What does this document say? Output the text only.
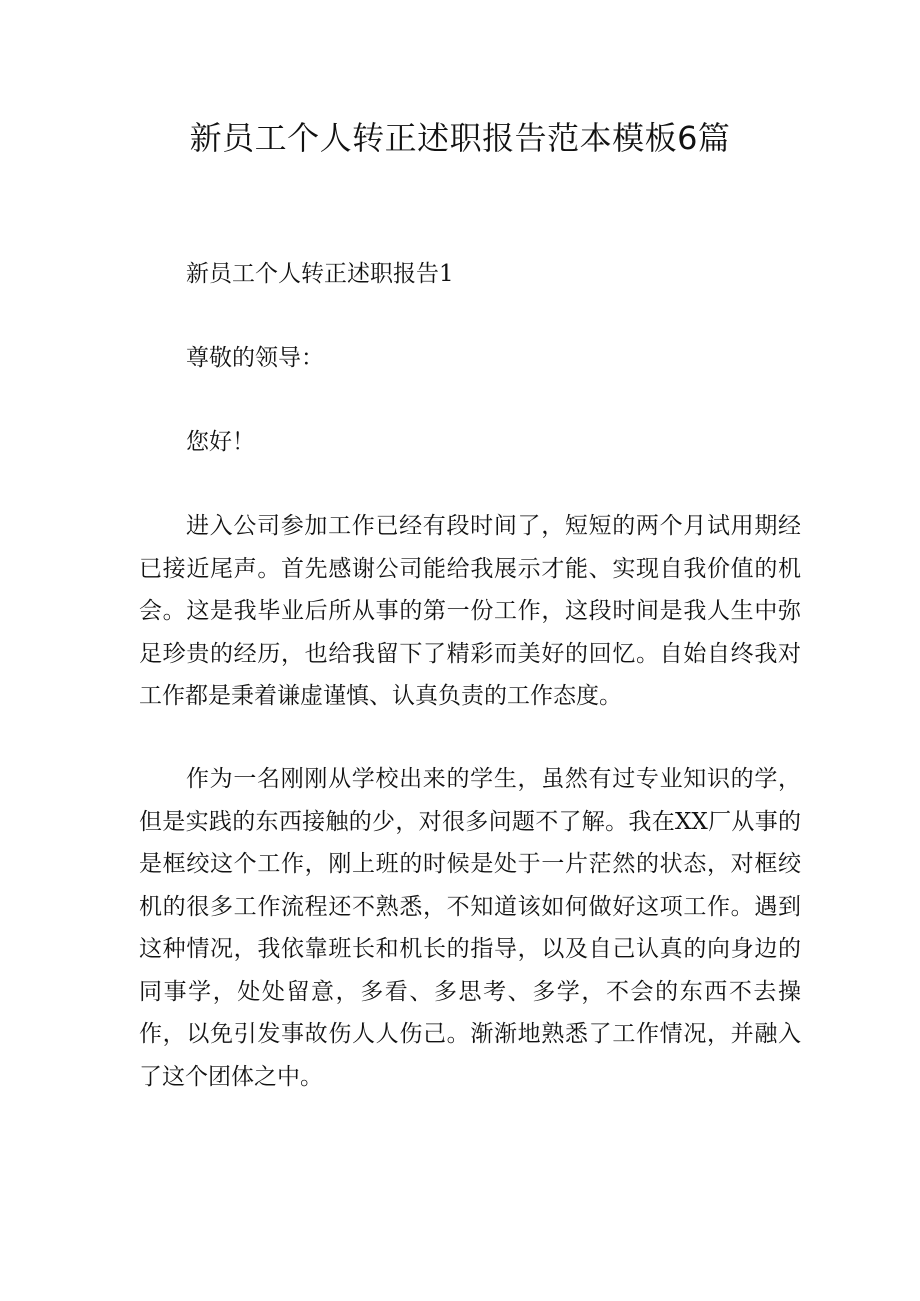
新员工个人转正述职报告范本模板6篇

新员工个人转正述职报告1

尊敬的领导：

您好！

进入公司参加工作已经有段时间了，短短的两个月试用期经已接近尾声。首先感谢公司能给我展示才能、实现自我价值的机会。这是我毕业后所从事的第一份工作，这段时间是我人生中弥足珍贵的经历，也给我留下了精彩而美好的回忆。自始自终我对工作都是秉着谦虚谨慎、认真负责的工作态度。

作为一名刚刚从学校出来的学生，虽然有过专业知识的学，但是实践的东西接触的少，对很多问题不了解。我在XX厂从事的是框绞这个工作，刚上班的时候是处于一片茫然的状态，对框绞机的很多工作流程还不熟悉，不知道该如何做好这项工作。遇到这种情况，我依靠班长和机长的指导，以及自己认真的向身边的同事学，处处留意，多看、多思考、多学，不会的东西不去操作，以免引发事故伤人人伤己。渐渐地熟悉了工作情况，并融入了这个团体之中。
